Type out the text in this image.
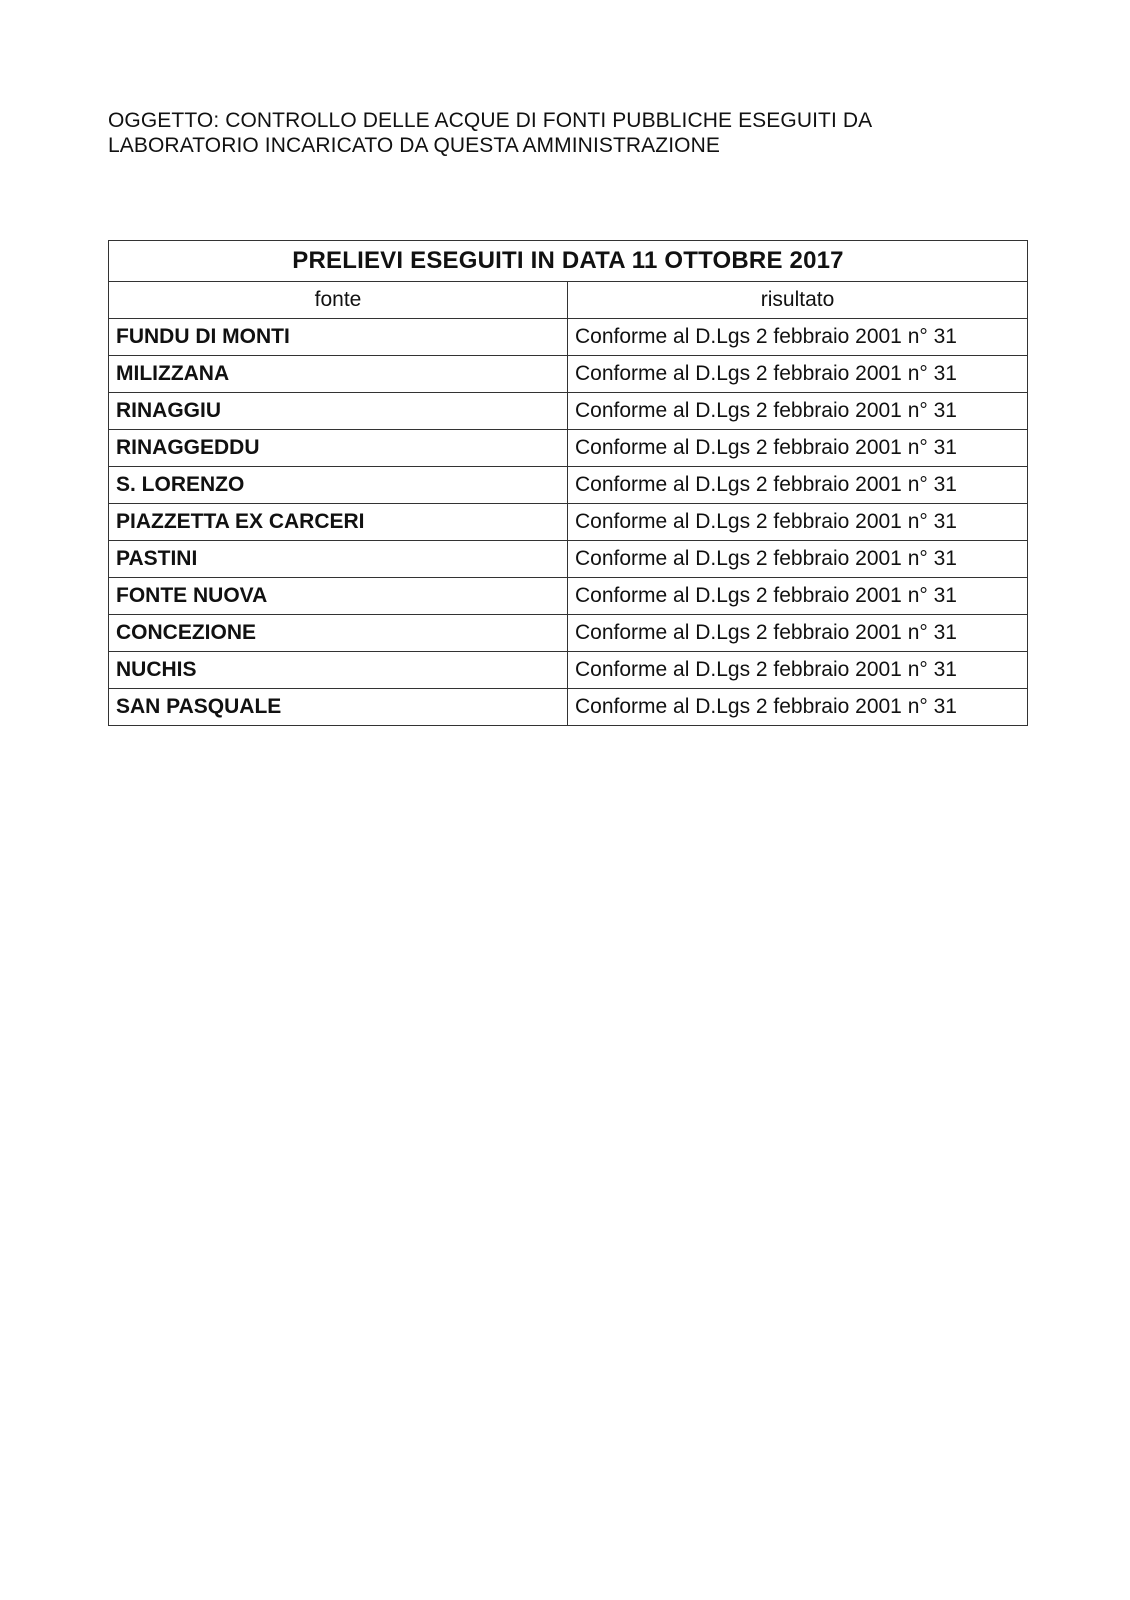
OGGETTO: CONTROLLO DELLE ACQUE DI FONTI PUBBLICHE ESEGUITI DA
LABORATORIO INCARICATO DA QUESTA AMMINISTRAZIONE
PRELIEVI ESEGUITI IN DATA 11 OTTOBRE 2017	
fonte	risultato
FUNDU DI MONTI	Conforme al D.Lgs 2 febbraio 2001 n° 31
MILIZZANA	Conforme al D.Lgs 2 febbraio 2001 n° 31
RINAGGIU	Conforme al D.Lgs 2 febbraio 2001 n° 31
RINAGGEDDU	Conforme al D.Lgs 2 febbraio 2001 n° 31
S. LORENZO	Conforme al D.Lgs 2 febbraio 2001 n° 31
PIAZZETTA EX CARCERI	Conforme al D.Lgs 2 febbraio 2001 n° 31
PASTINI	Conforme al D.Lgs 2 febbraio 2001 n° 31
FONTE NUOVA	Conforme al D.Lgs 2 febbraio 2001 n° 31
CONCEZIONE	Conforme al D.Lgs 2 febbraio 2001 n° 31
NUCHIS	Conforme al D.Lgs 2 febbraio 2001 n° 31
SAN PASQUALE	Conforme al D.Lgs 2 febbraio 2001 n° 31
